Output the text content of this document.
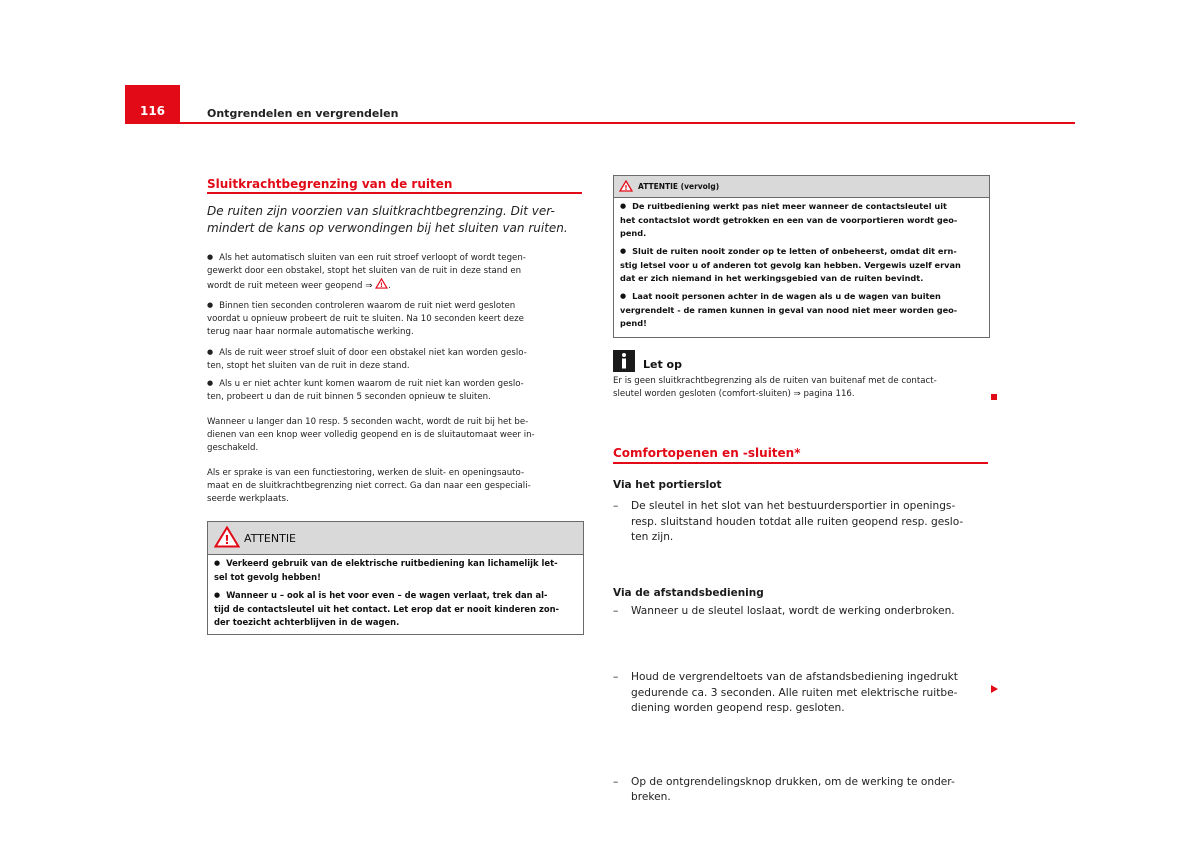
116	Ontgrendelen en vergrendelen
Sluitkrachtbegrenzing van de ruiten
De ruiten zijn voorzien van sluitkrachtbegrenzing. Dit ver-
mindert de kans op verwondingen bij het sluiten van ruiten.
● Als het automatisch sluiten van een ruit stroef verloopt of wordt tegen-
gewerkt door een obstakel, stopt het sluiten van de ruit in deze stand en
wordt de ruit meteen weer geopend ⇒ ! .
● Binnen tien seconden controleren waarom de ruit niet werd gesloten
voordat u opnieuw probeert de ruit te sluiten. Na 10 seconden keert deze
terug naar haar normale automatische werking.
● Als de ruit weer stroef sluit of door een obstakel niet kan worden geslo-
ten, stopt het sluiten van de ruit in deze stand.
● Als u er niet achter kunt komen waarom de ruit niet kan worden geslo-
ten, probeert u dan de ruit binnen 5 seconden opnieuw te sluiten.
Wanneer u langer dan 10 resp. 5 seconden wacht, wordt de ruit bij het be-
dienen van een knop weer volledig geopend en is de sluitautomaat weer in-
geschakeld.
Als er sprake is van een functiestoring, werken de sluit- en openingsauto-
maat en de sluitkrachtbegrenzing niet correct. Ga dan naar een gespeciali-
seerde werkplaats.
! ATTENTIE

● Verkeerd gebruik van de elektrische ruitbediening kan lichamelijk let-
sel tot gevolg hebben!

● Wanneer u – ook al is het voor even – de wagen verlaat, trek dan al-
tijd de contactsleutel uit het contact. Let erop dat er nooit kinderen zon-
der toezicht achterblijven in de wagen.

! ATTENTIE (vervolg)

● De ruitbediening werkt pas niet meer wanneer de contactsleutel uit
het contactslot wordt getrokken en een van de voorportieren wordt geo-
pend.

● Sluit de ruiten nooit zonder op te letten of onbeheerst, omdat dit ern-
stig letsel voor u of anderen tot gevolg kan hebben. Vergewis uzelf ervan
dat er zich niemand in het werkingsgebied van de ruiten bevindt.

● Laat nooit personen achter in de wagen als u de wagen van buiten
vergrendelt - de ramen kunnen in geval van nood niet meer worden geo-
pend!

Let op
Er is geen sluitkrachtbegrenzing als de ruiten van buitenaf met de contact-
sleutel worden gesloten (comfort-sluiten) ⇒ pagina 116.
Comfortopenen en -sluiten*
Via het portierslot
– De sleutel in het slot van het bestuurdersportier in openings-
resp. sluitstand houden totdat alle ruiten geopend resp. geslo-
ten zijn.
– Wanneer u de sleutel loslaat, wordt de werking onderbroken.
Via de afstandsbediening
– Houd de vergrendeltoets van de afstandsbediening ingedrukt
gedurende ca. 3 seconden. Alle ruiten met elektrische ruitbe-
diening worden geopend resp. gesloten.
– Op de ontgrendelingsknop drukken, om de werking te onder-
breken.
